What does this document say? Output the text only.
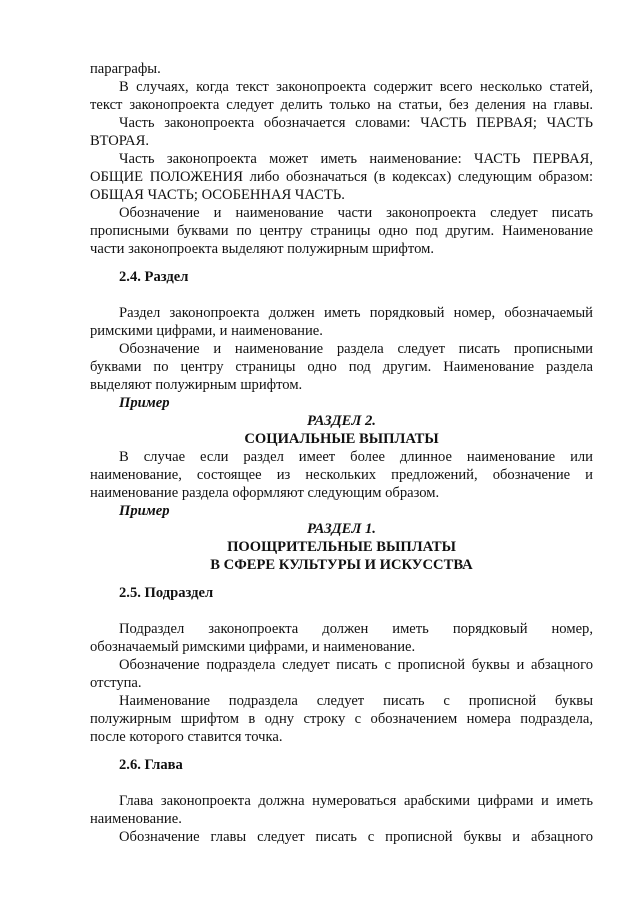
параграфы.
В случаях, когда текст законопроекта содержит всего несколько статей,
текст законопроекта следует делить только на статьи, без деления на главы.
Часть законопроекта обозначается словами: ЧАСТЬ ПЕРВАЯ; ЧАСТЬ
ВТОРАЯ.
Часть законопроекта может иметь наименование: ЧАСТЬ ПЕРВАЯ,
ОБЩИЕ ПОЛОЖЕНИЯ либо обозначаться (в кодексах) следующим образом:
ОБЩАЯ ЧАСТЬ; ОСОБЕННАЯ ЧАСТЬ.
Обозначение и наименование части законопроекта следует писать
прописными буквами по центру страницы одно под другим. Наименование
части законопроекта выделяют полужирным шрифтом.
2.4. Раздел
Раздел законопроекта должен иметь порядковый номер, обозначаемый
римскими цифрами, и наименование.
Обозначение и наименование раздела следует писать прописными
буквами по центру страницы одно под другим. Наименование раздела
выделяют полужирным шрифтом.
Пример
РАЗДЕЛ 2.
СОЦИАЛЬНЫЕ ВЫПЛАТЫ
В случае если раздел имеет более длинное наименование или
наименование, состоящее из нескольких предложений, обозначение и
наименование раздела оформляют следующим образом.
Пример
РАЗДЕЛ 1.
ПООЩРИТЕЛЬНЫЕ ВЫПЛАТЫ
В СФЕРЕ КУЛЬТУРЫ И ИСКУССТВА
2.5. Подраздел
Подраздел законопроекта должен иметь порядковый номер,
обозначаемый римскими цифрами, и наименование.
Обозначение подраздела следует писать с прописной буквы и абзацного
отступа.
Наименование подраздела следует писать с прописной буквы
полужирным шрифтом в одну строку с обозначением номера подраздела,
после которого ставится точка.
2.6. Глава
Глава законопроекта должна нумероваться арабскими цифрами и иметь
наименование.
Обозначение главы следует писать с прописной буквы и абзацного
